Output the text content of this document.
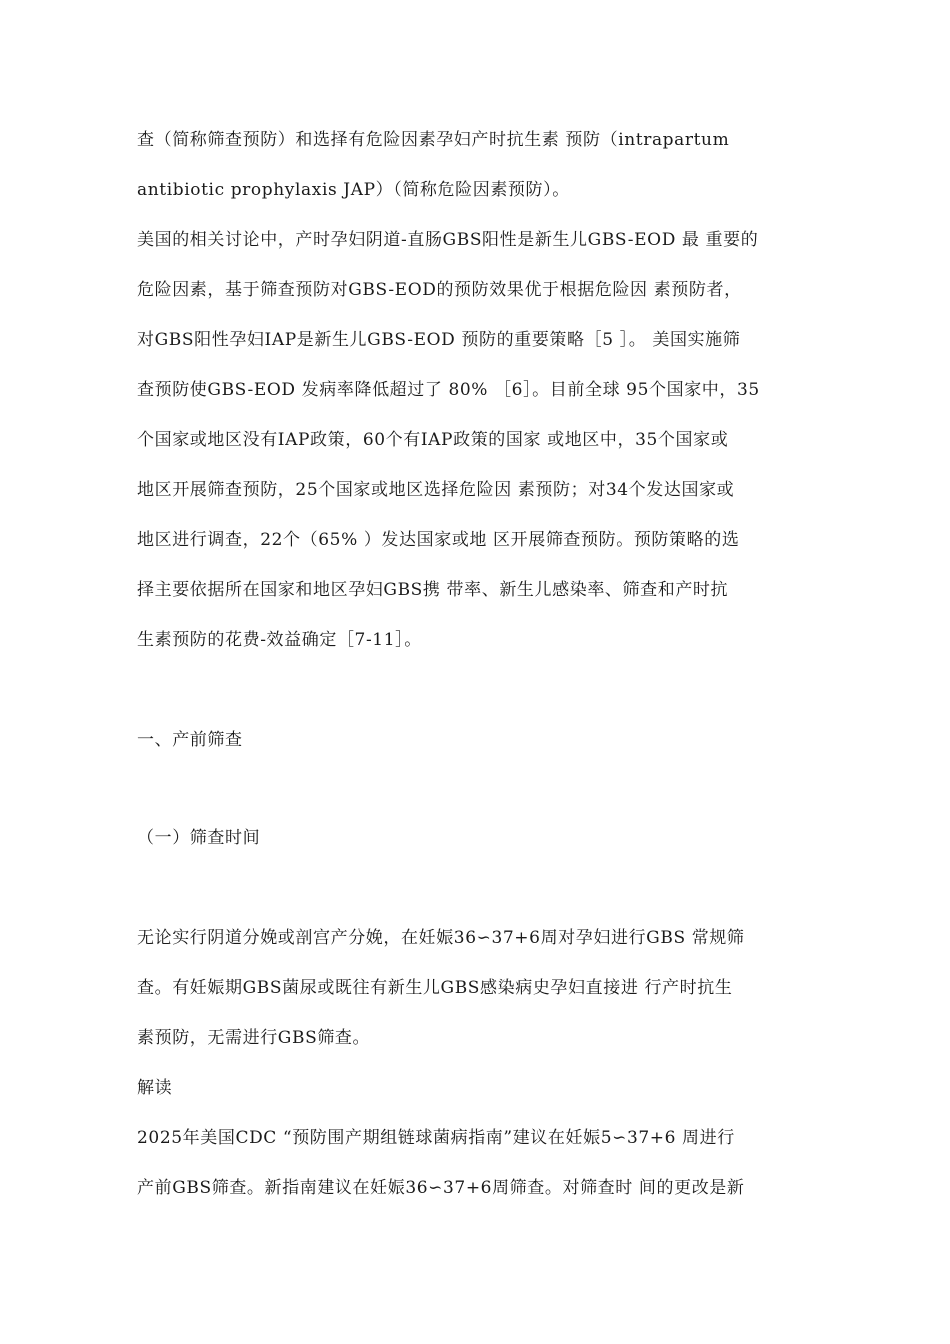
查（简称筛查预防）和选择有危险因素孕妇产时抗生素 预防（intrapartum
antibiotic prophylaxis JAP）（简称危险因素预防）。
美国的相关讨论中，产时孕妇阴道-直肠GBS阳性是新生儿GBS-EOD 最 重要的
危险因素，基于筛查预防对GBS-EOD的预防效果优于根据危险因 素预防者，
对GBS阳性孕妇IAP是新生儿GBS-EOD 预防的重要策略［5 ］。 美国实施筛
查预防使GBS-EOD 发病率降低超过了 80% ［6］。目前全球 95个国家中，35
个国家或地区没有IAP政策，60个有IAP政策的国家 或地区中，35个国家或
地区开展筛查预防，25个国家或地区选择危险因 素预防；对34个发达国家或
地区进行调查，22个（65% ）发达国家或地 区开展筛查预防。预防策略的选
择主要依据所在国家和地区孕妇GBS携 带率、新生儿感染率、筛查和产时抗
生素预防的花费-效益确定［7-11］。
一、产前筛查
（一）筛查时间
无论实行阴道分娩或剖宫产分娩，在妊娠36∽37+6周对孕妇进行GBS 常规筛
查。有妊娠期GBS菌尿或既往有新生儿GBS感染病史孕妇直接进 行产时抗生
素预防，无需进行GBS筛查。
解读
2025年美国CDC “预防围产期组链球菌病指南”建议在妊娠5∽37+6 周进行
产前GBS筛查。新指南建议在妊娠36∽37+6周筛查。对筛查时 间的更改是新
